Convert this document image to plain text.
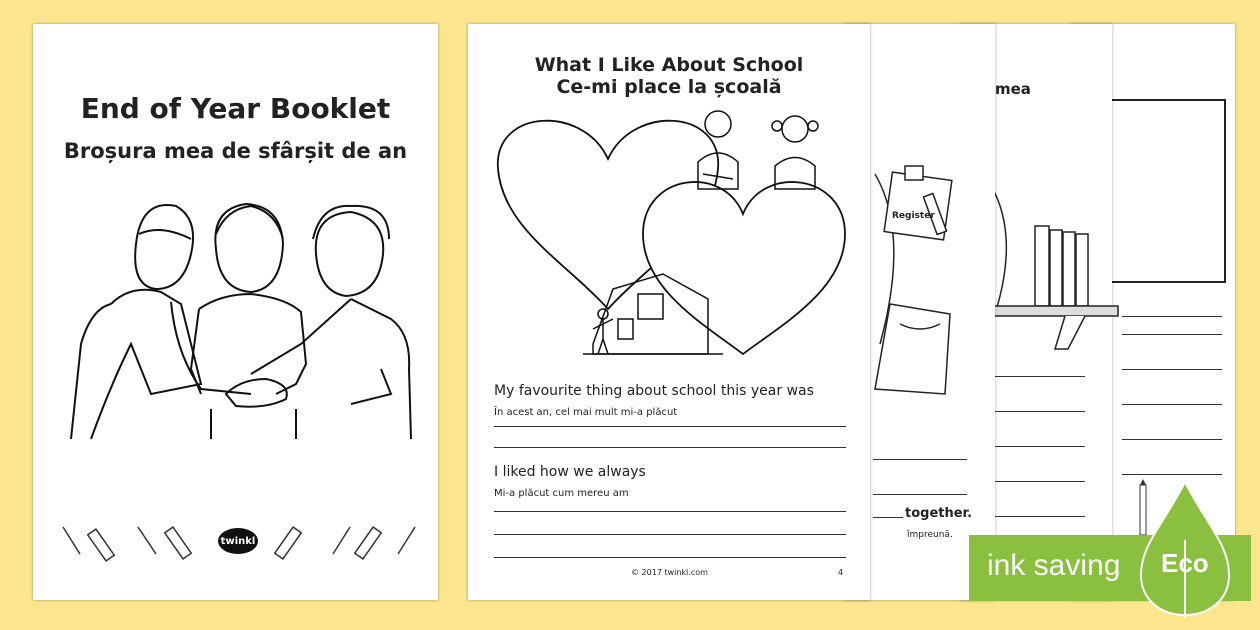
End of Year Booklet
Broșura mea de sfârșit de an
twinkl
mea
Register
together.
împreună.
What I Like About School
Ce-mi place la școală
My favourite thing about school this year was
În acest an, cel mai mult mi-a plăcut
I liked how we always
Mi-a plăcut cum mereu am
© 2017 twinkl.com	4	ink saving Eco
